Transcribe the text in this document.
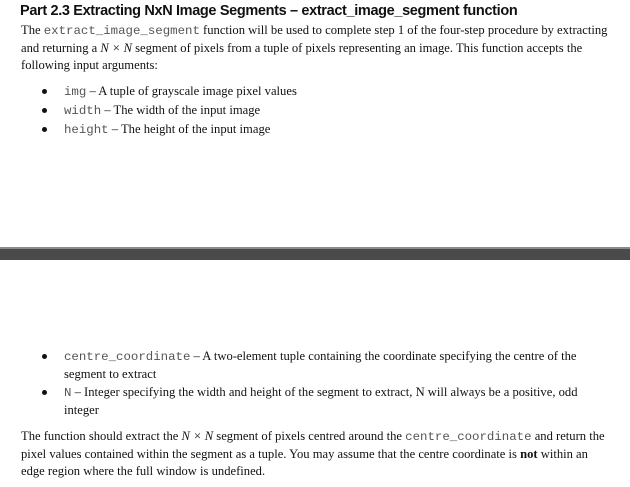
Part 2.3 Extracting NxN Image Segments – extract_image_segment function
The extract_image_segment function will be used to complete step 1 of the four-step procedure by extracting and returning a N × N segment of pixels from a tuple of pixels representing an image. This function accepts the following input arguments:
img – A tuple of grayscale image pixel values
width – The width of the input image
height – The height of the input image
centre_coordinate – A two-element tuple containing the coordinate specifying the centre of the segment to extract
N – Integer specifying the width and height of the segment to extract, N will always be a positive, odd integer
The function should extract the N × N segment of pixels centred around the centre_coordinate and return the pixel values contained within the segment as a tuple. You may assume that the centre coordinate is not within an edge region where the full window is undefined.
